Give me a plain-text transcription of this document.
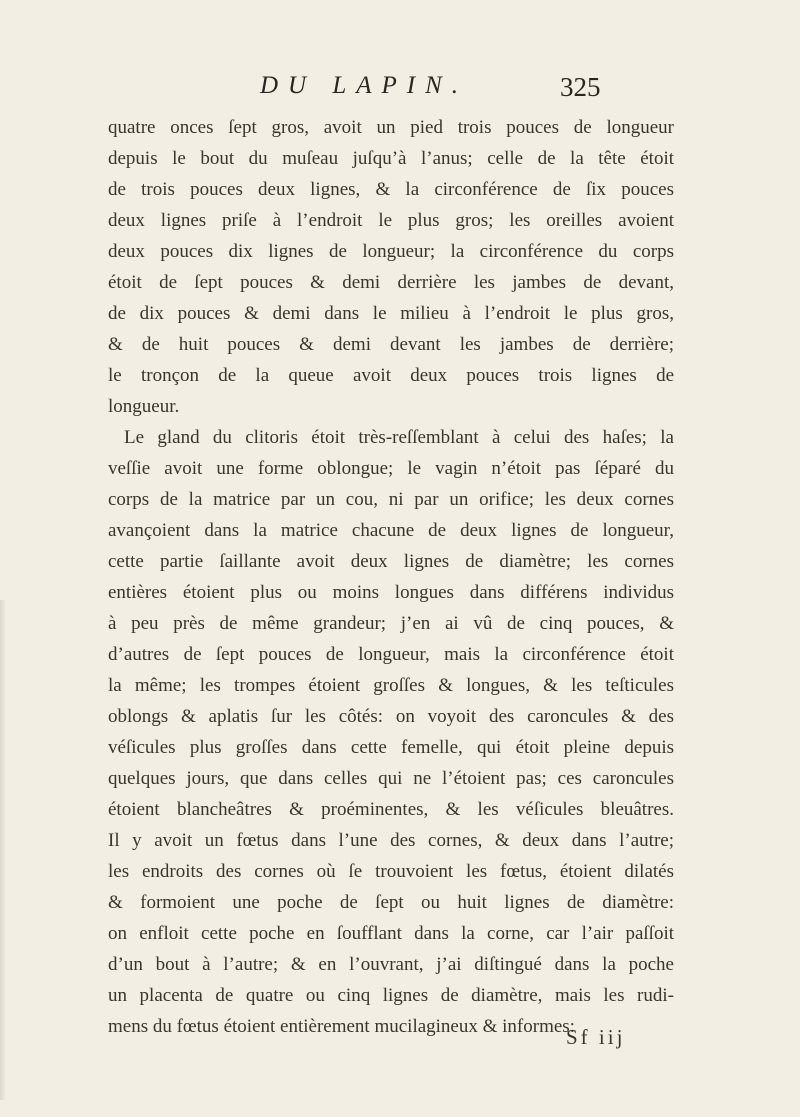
DU LAPIN.	325
quatre onces ſept gros, avoit un pied trois pouces de longueur
depuis le bout du muſeau juſqu’à l’anus; celle de la tête étoit
de trois pouces deux lignes, & la circonférence de ſix pouces
deux lignes priſe à l’endroit le plus gros; les oreilles avoient
deux pouces dix lignes de longueur; la circonférence du corps
étoit de ſept pouces & demi derrière les jambes de devant,
de dix pouces & demi dans le milieu à l’endroit le plus gros,
& de huit pouces & demi devant les jambes de derrière;
le tronçon de la queue avoit deux pouces trois lignes de
longueur.
Le gland du clitoris étoit très-reſſemblant à celui des haſes; la
veſſie avoit une forme oblongue; le vagin n’étoit pas ſéparé du
corps de la matrice par un cou, ni par un orifice; les deux cornes
avançoient dans la matrice chacune de deux lignes de longueur,
cette partie ſaillante avoit deux lignes de diamètre; les cornes
entières étoient plus ou moins longues dans différens individus
à peu près de même grandeur; j’en ai vû de cinq pouces, &
d’autres de ſept pouces de longueur, mais la circonférence étoit
la même; les trompes étoient groſſes & longues, & les teſticules
oblongs & aplatis ſur les côtés: on voyoit des caroncules & des
véſicules plus groſſes dans cette femelle, qui étoit pleine depuis
quelques jours, que dans celles qui ne l’étoient pas; ces caroncules
étoient blancheâtres & proéminentes, & les véſicules bleuâtres.
Il y avoit un fœtus dans l’une des cornes, & deux dans l’autre;
les endroits des cornes où ſe trouvoient les fœtus, étoient dilatés
& formoient une poche de ſept ou huit lignes de diamètre:
on enfloit cette poche en ſoufflant dans la corne, car l’air paſſoit
d’un bout à l’autre; & en l’ouvrant, j’ai diſtingué dans la poche
un placenta de quatre ou cinq lignes de diamètre, mais les rudi-
mens du fœtus étoient entièrement mucilagineux & informes:
Sf iij
